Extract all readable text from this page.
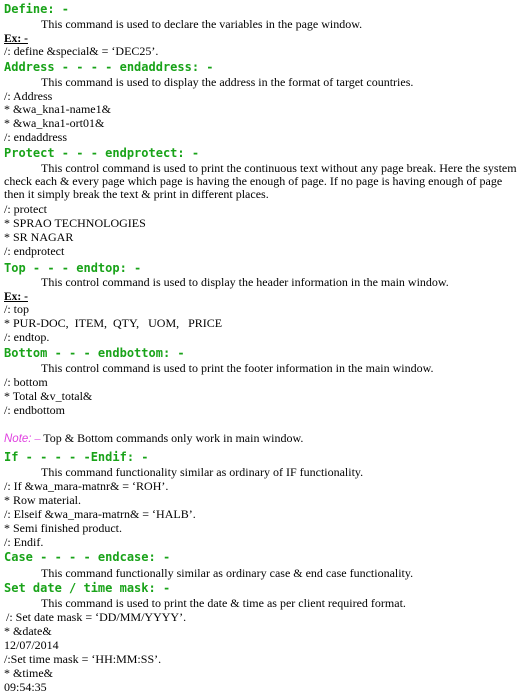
Define: -
This command is used to declare the variables in the page window.
Ex: -
/: define &special& = ‘DEC25’.
Address - - - - endaddress: -
This command is used to display the address in the format of target countries.
/: Address
* &wa_kna1-name1&
* &wa_kna1-ort01&
/: endaddress
Protect - - - endprotect: -
This control command is used to print the continuous text without any page break. Here the system check each & every page which page is having the enough of page. If no page is having enough of page then it simply break the text & print in different places.
/: protect
* SPRAO TECHNOLOGIES
* SR NAGAR
/: endprotect
Top - - - endtop: -
This control command is used to display the header information in the main window.
Ex: -
/: top
* PUR-DOC,  ITEM,  QTY,   UOM,   PRICE
/: endtop.
Bottom - - - endbottom: -
This control command is used to print the footer information in the main window.
/: bottom
* Total &v_total&
/: endbottom
Note: – Top & Bottom commands only work in main window.
If - - - - -Endif: -
This command functionality similar as ordinary of IF functionality.
/: If &wa_mara-matnr& = ‘ROH’.
* Row material.
/: Elseif &wa_mara-matrn& = ‘HALB’.
* Semi finished product.
/: Endif.
Case - - - - endcase: -
This command functionally similar as ordinary case & end case functionality.
Set date / time mask: -
This command is used to print the date & time as per client required format.
/: Set date mask = ‘DD/MM/YYYY’.
* &date&
12/07/2014
/:Set time mask = ‘HH:MM:SS’.
* &time&
09:54:35
